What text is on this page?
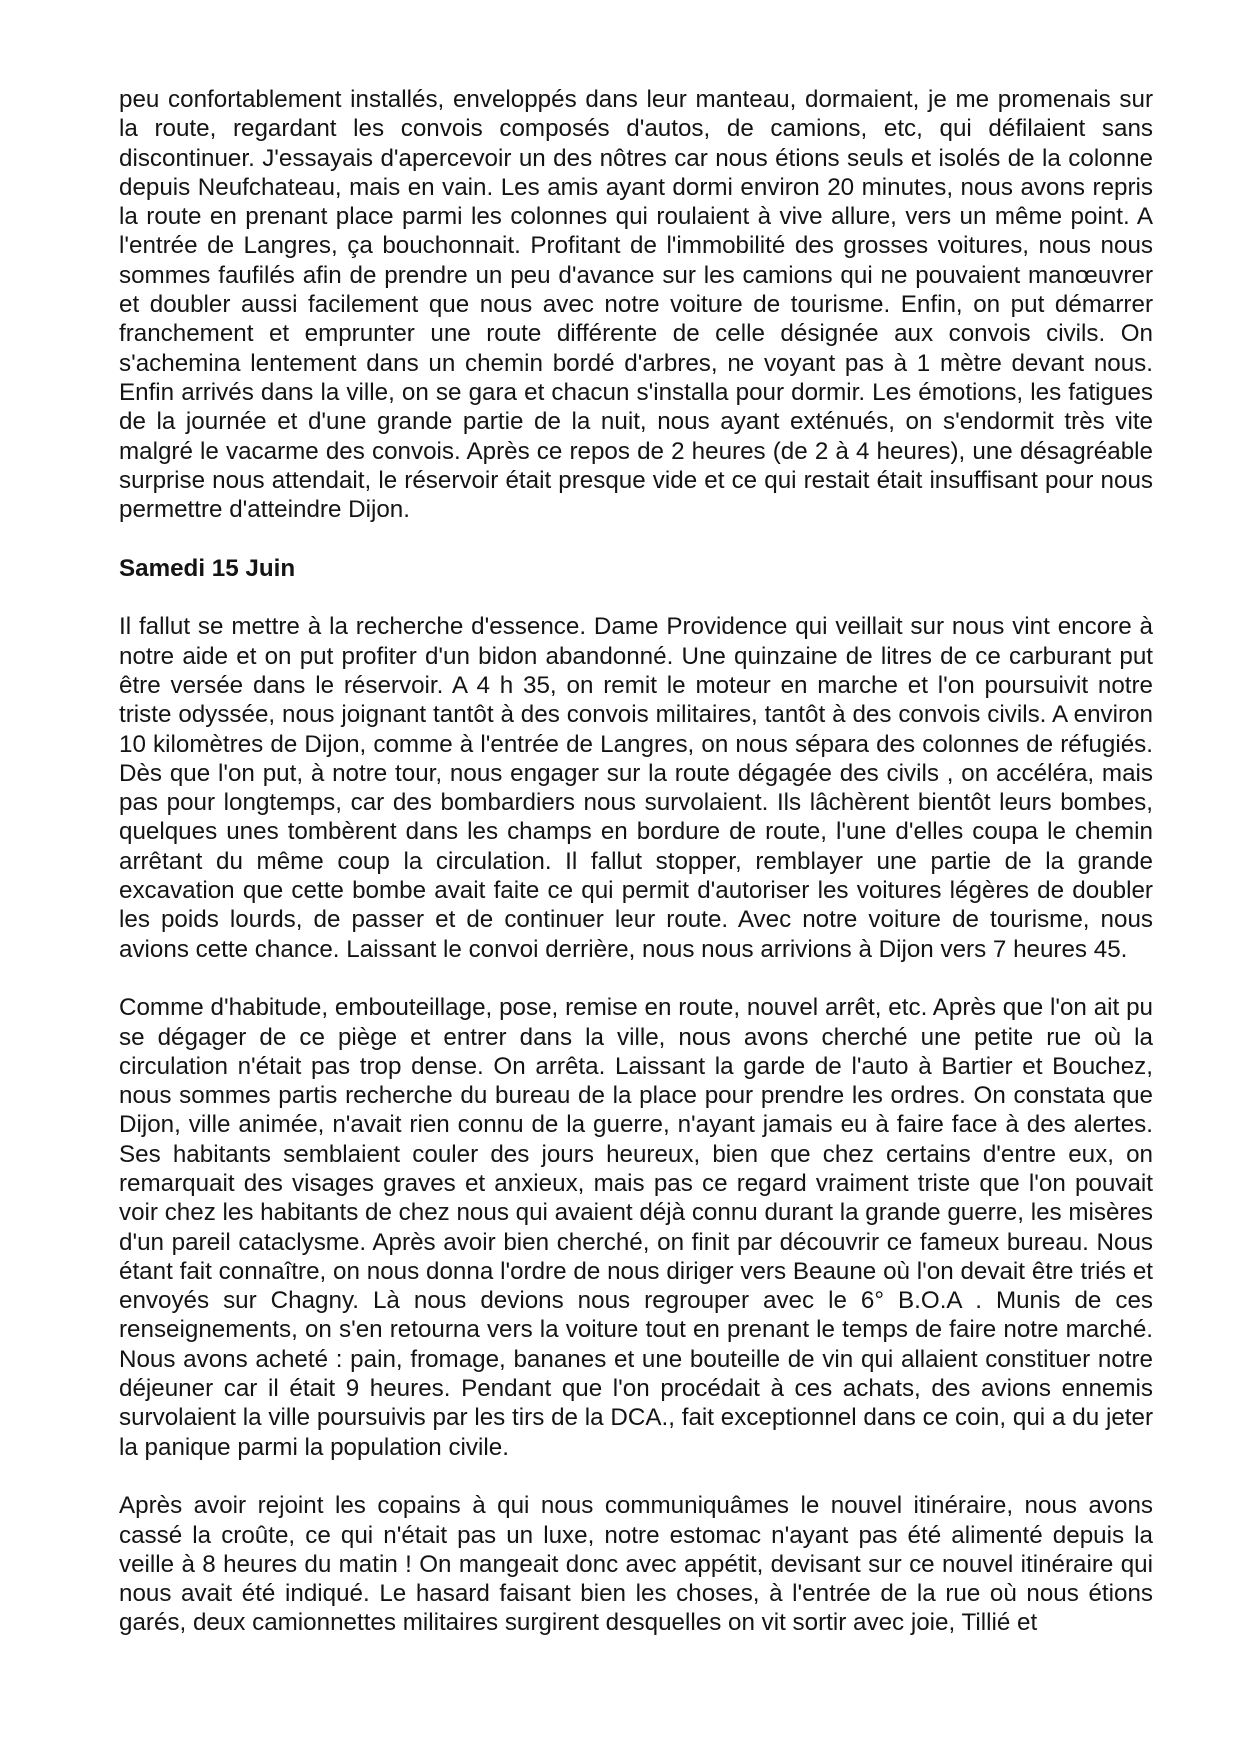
peu confortablement installés, enveloppés dans leur manteau, dormaient, je me promenais sur la route, regardant les convois composés d'autos, de camions, etc, qui défilaient sans discontinuer. J'essayais d'apercevoir un des nôtres car nous étions seuls et isolés de la colonne depuis Neufchateau, mais en vain. Les amis ayant dormi environ 20 minutes, nous avons repris la route en prenant place parmi les colonnes qui roulaient à vive allure, vers un même point. A l'entrée de Langres, ça bouchonnait. Profitant de l'immobilité des grosses voitures, nous nous sommes faufilés afin de prendre un peu d'avance sur les camions qui ne pouvaient manœuvrer et doubler aussi facilement que nous avec notre voiture de tourisme. Enfin, on put démarrer franchement et emprunter une route différente de celle désignée aux convois civils. On s'achemina lentement dans un chemin bordé d'arbres, ne voyant pas à 1 mètre devant nous. Enfin arrivés dans la ville, on se gara et chacun s'installa pour dormir. Les émotions, les fatigues de la journée et d'une grande partie de la nuit, nous ayant exténués, on s'endormit très vite malgré le vacarme des convois. Après ce repos de 2 heures (de 2 à 4 heures), une désagréable surprise nous attendait, le réservoir était presque vide et ce qui restait était insuffisant pour nous permettre d'atteindre Dijon.

Samedi 15 Juin

Il fallut se mettre à la recherche d'essence. Dame Providence qui veillait sur nous vint encore à notre aide et on put profiter d'un bidon abandonné. Une quinzaine de litres de ce carburant put être versée dans le réservoir. A 4 h 35, on remit le moteur en marche et l'on poursuivit notre triste odyssée, nous joignant tantôt à des convois militaires, tantôt à des convois civils. A environ 10 kilomètres de Dijon, comme à l'entrée de Langres, on nous sépara des colonnes de réfugiés. Dès que l'on put, à notre tour, nous engager sur la route dégagée des civils , on accéléra, mais pas pour longtemps, car des bombardiers nous survolaient. Ils lâchèrent bientôt leurs bombes, quelques unes tombèrent dans les champs en bordure de route, l'une d'elles coupa le chemin arrêtant du même coup la circulation. Il fallut stopper, remblayer une partie de la grande excavation que cette bombe avait faite ce qui permit d'autoriser les voitures légères de doubler les poids lourds, de passer et de continuer leur route. Avec notre voiture de tourisme, nous avions cette chance. Laissant le convoi derrière, nous nous arrivions à Dijon vers 7 heures 45.

Comme d'habitude, embouteillage, pose, remise en route, nouvel arrêt, etc. Après que l'on ait pu se dégager de ce piège et entrer dans la ville, nous avons cherché une petite rue où la circulation n'était pas trop dense. On arrêta. Laissant la garde de l'auto à Bartier et Bouchez, nous sommes partis recherche du bureau de la place pour prendre les ordres. On constata que Dijon, ville animée, n'avait rien connu de la guerre, n'ayant jamais eu à faire face à des alertes. Ses habitants semblaient couler des jours heureux, bien que chez certains d'entre eux, on remarquait des visages graves et anxieux, mais pas ce regard vraiment triste que l'on pouvait voir chez les habitants de chez nous qui avaient déjà connu durant la grande guerre, les misères d'un pareil cataclysme. Après avoir bien cherché, on finit par découvrir ce fameux bureau. Nous étant fait connaître, on nous donna l'ordre de nous diriger vers Beaune où l'on devait être triés et envoyés sur Chagny. Là nous devions nous regrouper avec le 6° B.O.A . Munis de ces renseignements, on s'en retourna vers la voiture tout en prenant le temps de faire notre marché. Nous avons acheté : pain, fromage, bananes et une bouteille de vin qui allaient constituer notre déjeuner car il était 9 heures. Pendant que l'on procédait à ces achats, des avions ennemis survolaient la ville poursuivis par les tirs de la DCA., fait exceptionnel dans ce coin, qui a du jeter la panique parmi la population civile.

Après avoir rejoint les copains à qui nous communiquâmes le nouvel itinéraire, nous avons cassé la croûte, ce qui n'était pas un luxe, notre estomac n'ayant pas été alimenté depuis la veille à 8 heures du matin ! On mangeait donc avec appétit, devisant sur ce nouvel itinéraire qui nous avait été indiqué. Le hasard faisant bien les choses, à l'entrée de la rue où nous étions garés, deux camionnettes militaires surgirent desquelles on vit sortir avec joie, Tillié et
